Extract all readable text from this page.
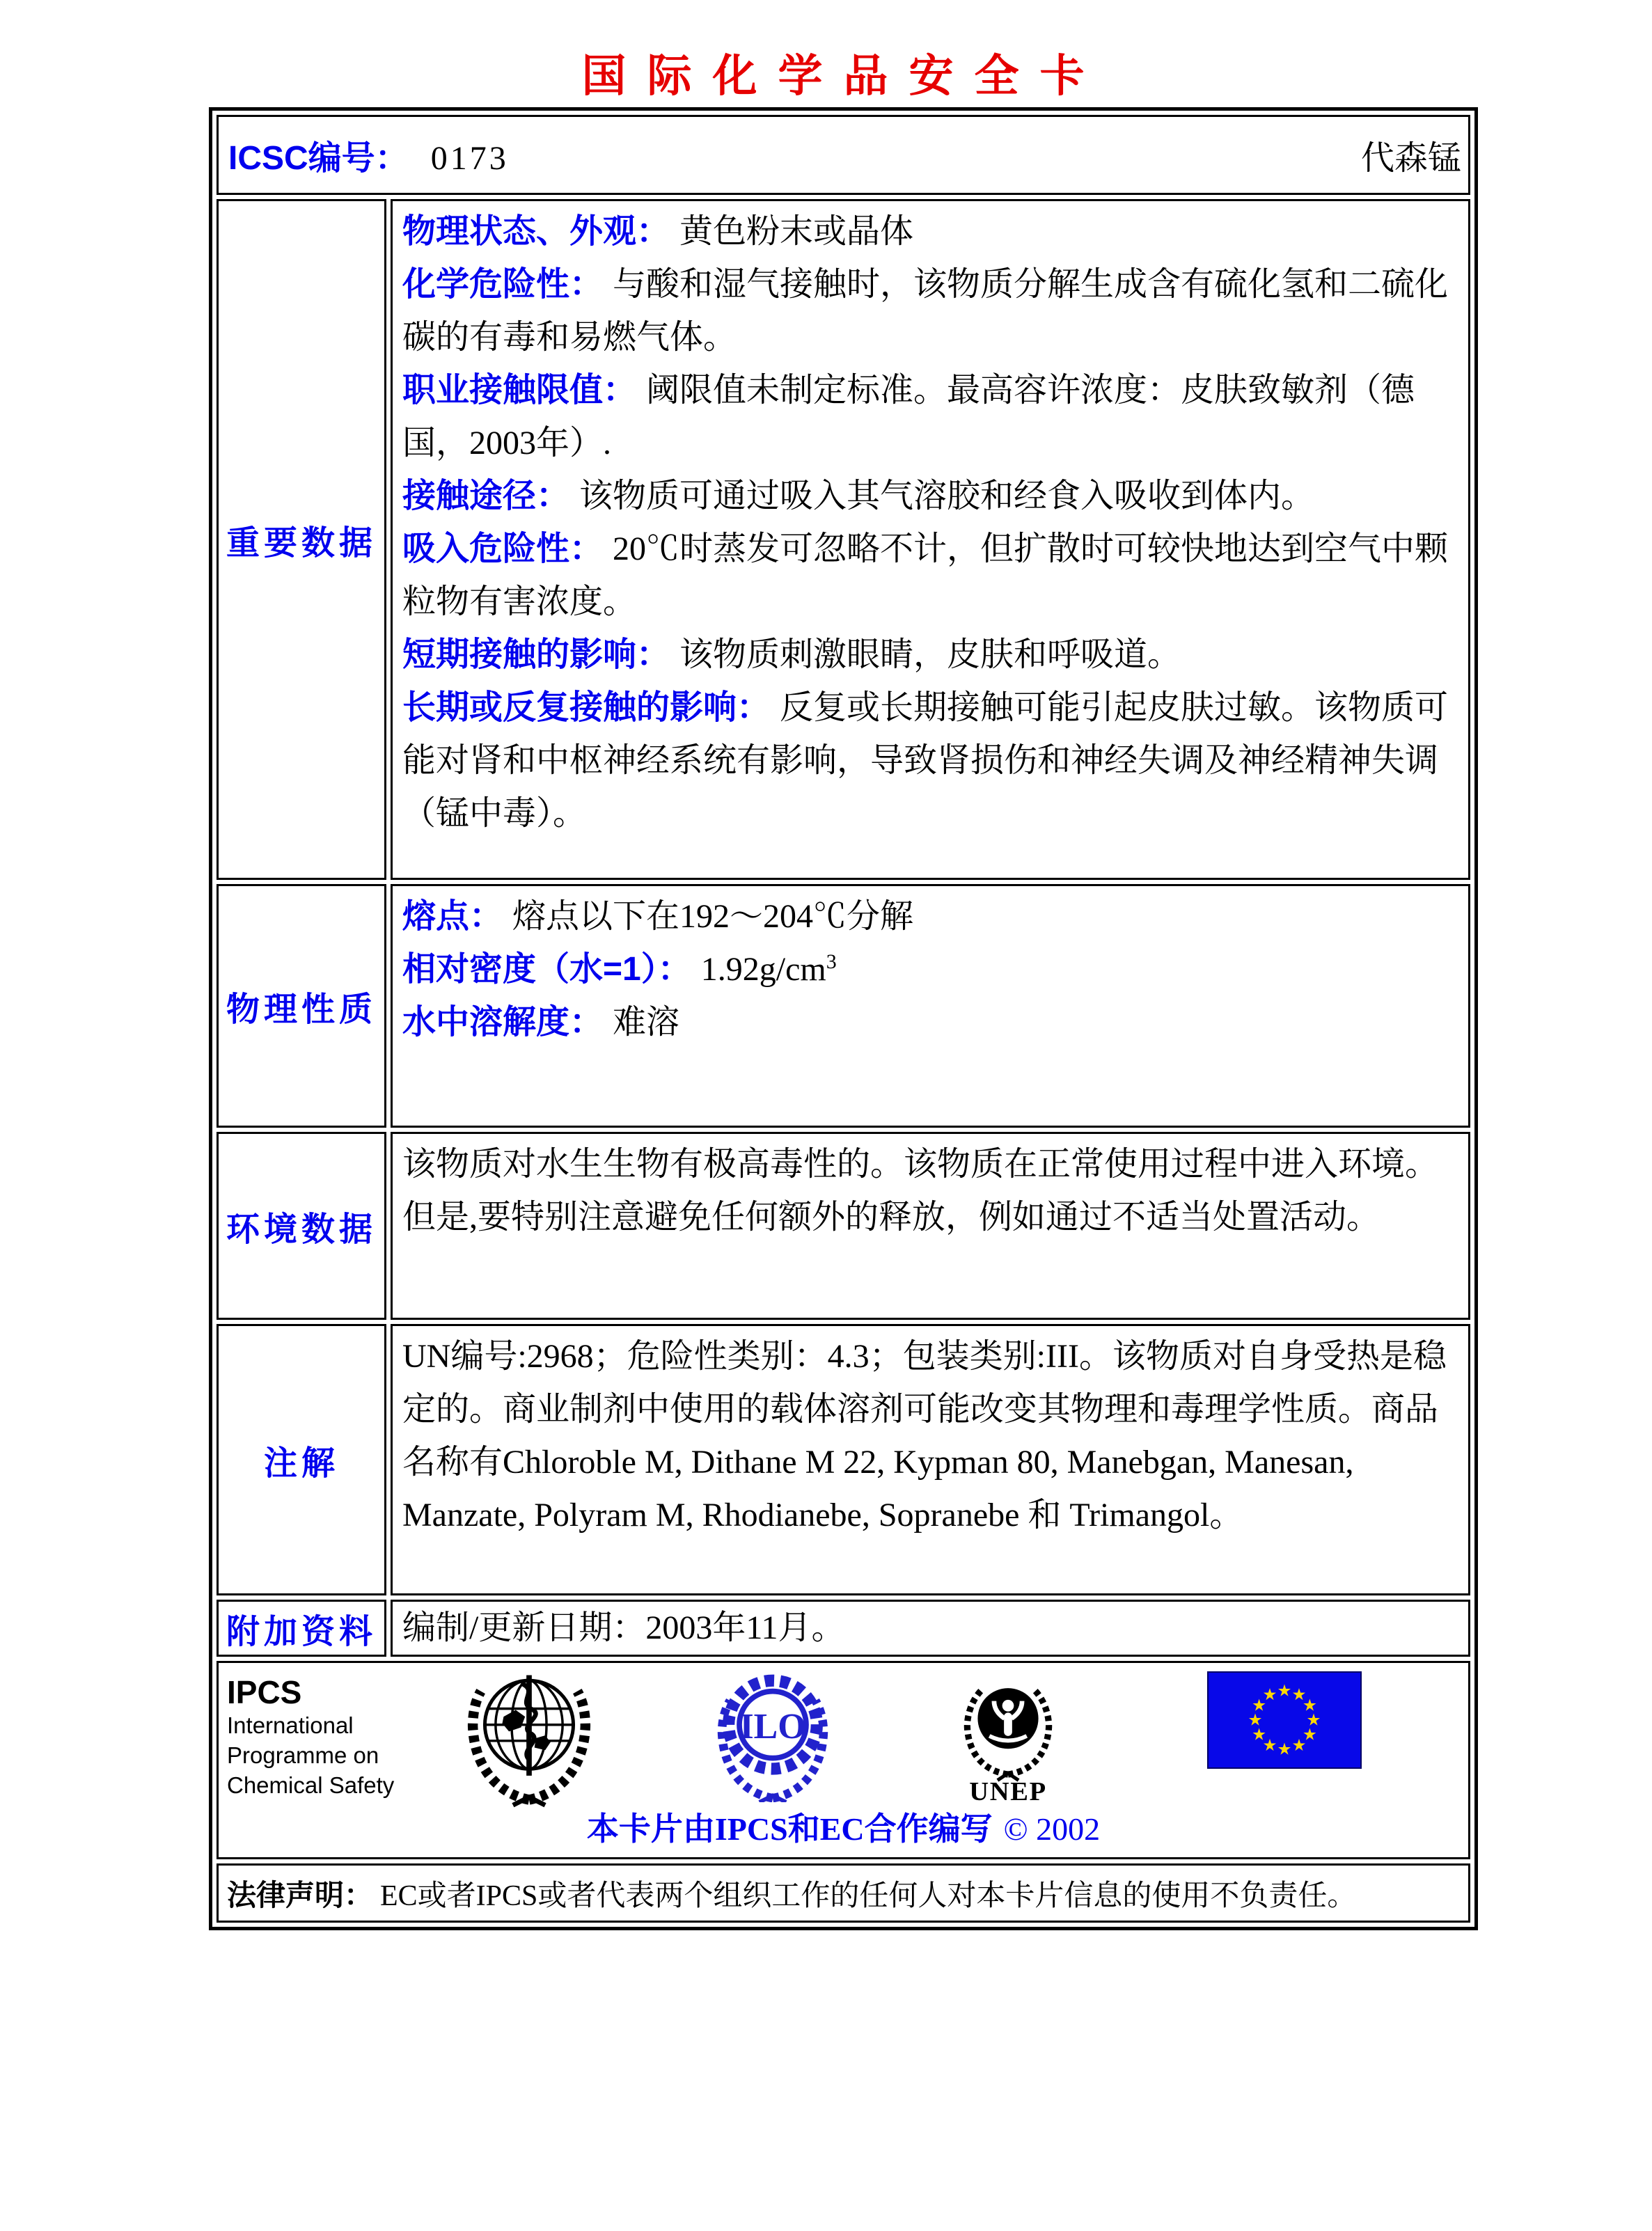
国际化学品安全卡
ICSC编号： 0173 代森锰	

重要数据	

物理状态、外观： 黄色粉末或晶体

化学危险性： 与酸和湿气接触时，该物质分解生成含有硫化氢和二硫化碳的有毒和易燃气体。

职业接触限值： 阈限值未制定标准。最高容许浓度：皮肤致敏剂（德国，2003年）.

接触途径： 该物质可通过吸入其气溶胶和经食入吸收到体内。

吸入危险性： 20℃时蒸发可忽略不计，但扩散时可较快地达到空气中颗粒物有害浓度。

短期接触的影响： 该物质刺激眼睛，皮肤和呼吸道。

长期或反复接触的影响： 反复或长期接触可能引起皮肤过敏。该物质可能对肾和中枢神经系统有影响，导致肾损伤和神经失调及神经精神失调（锰中毒）。

物理性质	熔点： 熔点以下在192～204℃分解

相对密度（水=1）： $1.92g/cm^3$

水中溶解度： 难溶

环境数据	该物质对水生生物有极高毒性的。该物质在正常使用过程中进入环境。但是,要特别注意避免任何额外的释放，例如通过不适当处置活动。

注解	UN编号:2968；危险性类别：4.3；包装类别:III。该物质对自身受热是稳定的。商业制剂中使用的载体溶剂可能改变其物理和毒理学性质。商品名称有Chloroble M, Dithane M 22, Kypman 80, Manebgan, Manesan, Manzate, Polyram M, Rhodianebe, Sopranebe 和 Trimangol。

附加资料	编制/更新日期：2003年11月。

IPCS
International
Programme on
Chemical Safety
ILO
UNEP
本卡片由IPCS和EC合作编写 © 2002

法律声明： EC或者IPCS或者代表两个组织工作的任何人对本卡片信息的使用不负责任。	
